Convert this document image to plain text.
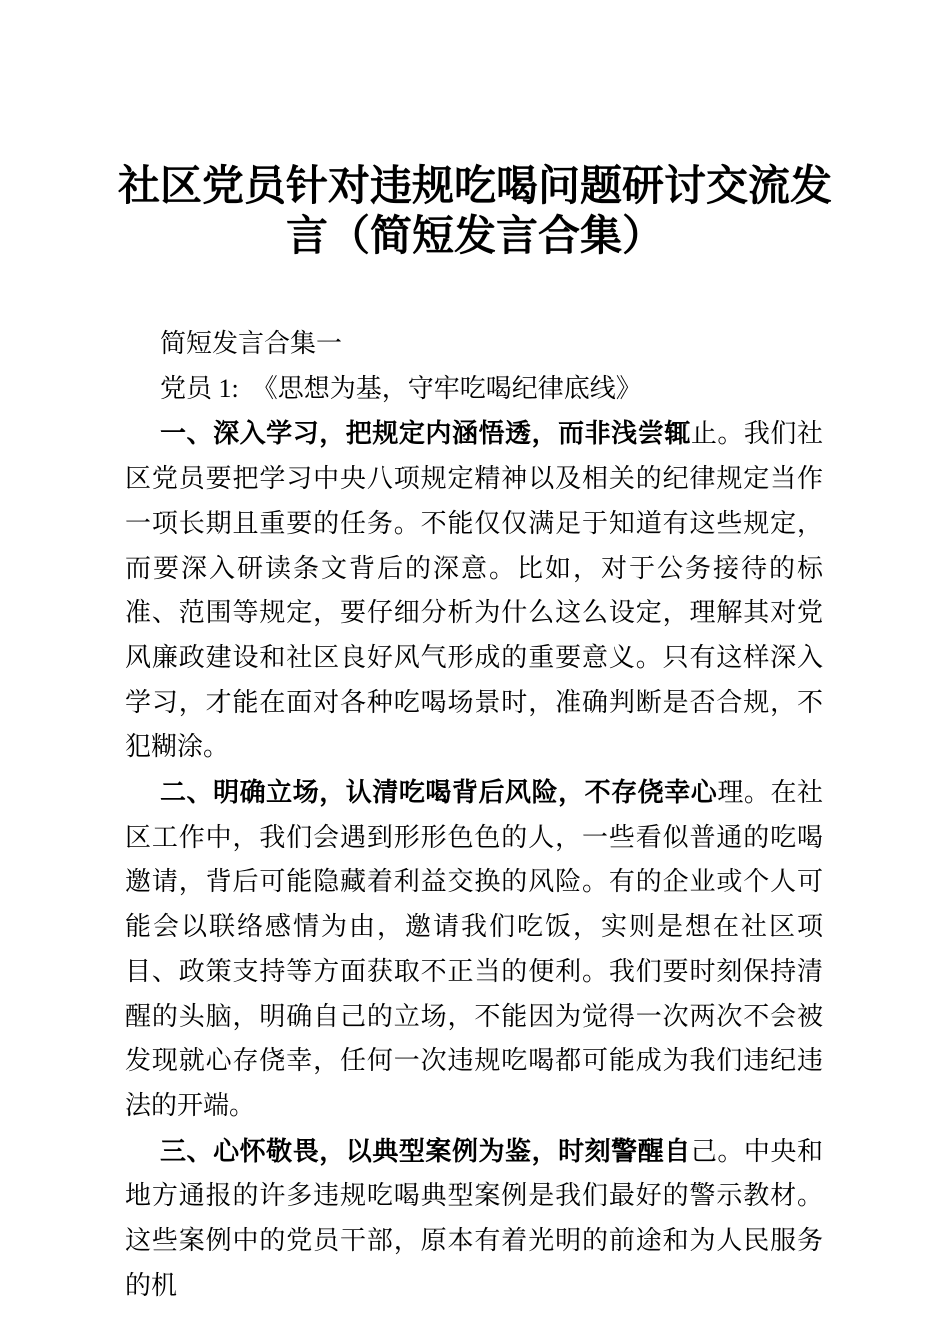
社区党员针对违规吃喝问题研讨交流发言（简短发言合集）

简短发言合集一

党员 1:　《思想为基，守牢吃喝纪律底线》

一、深入学习，把规定内涵悟透，而非浅尝辄止。我们社区党员要把学习中央八项规定精神以及相关的纪律规定当作一项长期且重要的任务。不能仅仅满足于知道有这些规定，而要深入研读条文背后的深意。比如，对于公务接待的标准、范围等规定，要仔细分析为什么这么设定，理解其对党风廉政建设和社区良好风气形成的重要意义。只有这样深入学习，才能在面对各种吃喝场景时，准确判断是否合规，不犯糊涂。

二、明确立场，认清吃喝背后风险，不存侥幸心理。在社区工作中，我们会遇到形形色色的人，一些看似普通的吃喝邀请，背后可能隐藏着利益交换的风险。有的企业或个人可能会以联络感情为由，邀请我们吃饭，实则是想在社区项目、政策支持等方面获取不正当的便利。我们要时刻保持清醒的头脑，明确自己的立场，不能因为觉得一次两次不会被发现就心存侥幸，任何一次违规吃喝都可能成为我们违纪违法的开端。

三、心怀敬畏，以典型案例为鉴，时刻警醒自己。中央和地方通报的许多违规吃喝典型案例是我们最好的警示教材。这些案例中的党员干部，原本有着光明的前途和为人民服务的机
